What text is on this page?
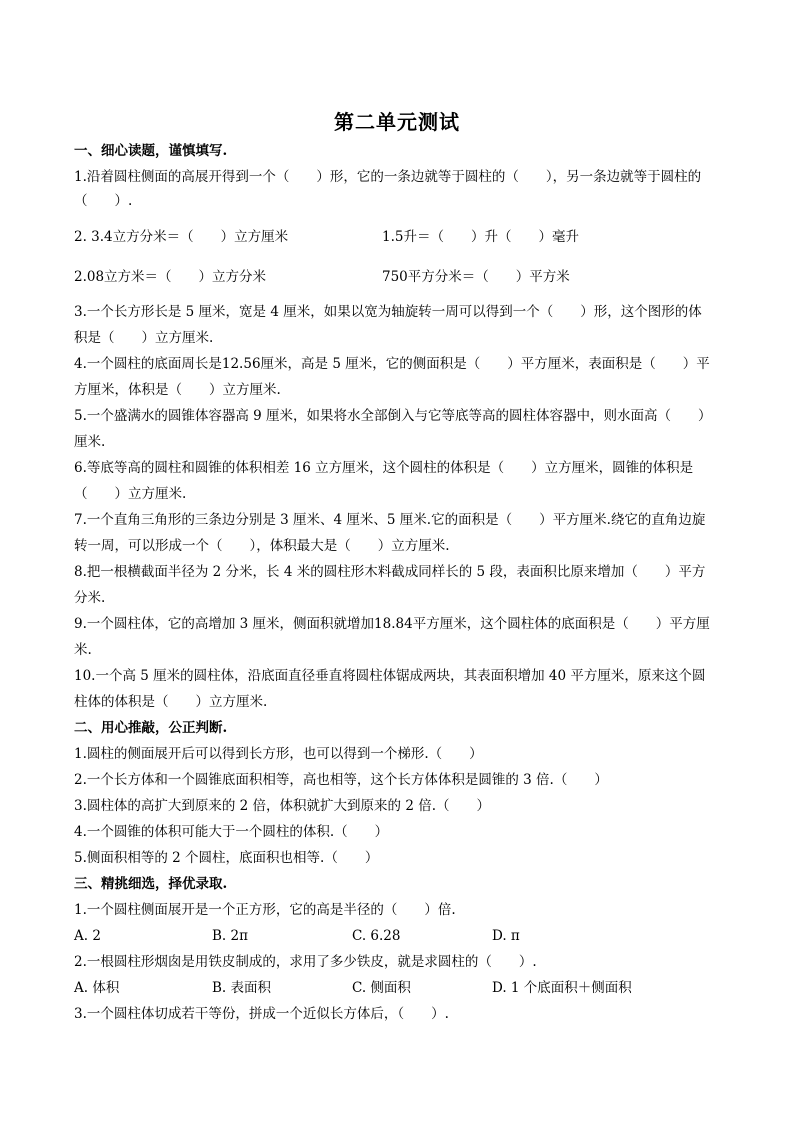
第二单元测试
一、细心读题，谨慎填写.
1.沿着圆柱侧面的高展开得到一个（　　）形，它的一条边就等于圆柱的（　　），另一条边就等于圆柱的
（　　）.
2. 3.4立方分米＝（　　）立方厘米	1.5升＝（　　）升（　　）毫升
2.08立方米＝（　　）立方分米	750平方分米＝（　　）平方米
3.一个长方形长是 5 厘米，宽是 4 厘米，如果以宽为轴旋转一周可以得到一个（　　）形，这个图形的体
积是（　　）立方厘米.
4.一个圆柱的底面周长是12.56厘米，高是 5 厘米，它的侧面积是（　　）平方厘米，表面积是（　　）平
方厘米，体积是（　　）立方厘米.
5.一个盛满水的圆锥体容器高 9 厘米，如果将水全部倒入与它等底等高的圆柱体容器中，则水面高（　　）
厘米.
6.等底等高的圆柱和圆锥的体积相差 16 立方厘米，这个圆柱的体积是（　　）立方厘米，圆锥的体积是
（　　）立方厘米.
7.一个直角三角形的三条边分别是 3 厘米、4 厘米、5 厘米.它的面积是（　　）平方厘米.绕它的直角边旋
转一周，可以形成一个（　　），体积最大是（　　）立方厘米.
8.把一根横截面半径为 2 分米，长 4 米的圆柱形木料截成同样长的 5 段，表面积比原来增加（　　）平方
分米.
9.一个圆柱体，它的高增加 3 厘米，侧面积就增加18.84平方厘米，这个圆柱体的底面积是（　　）平方厘
米.
10.一个高 5 厘米的圆柱体，沿底面直径垂直将圆柱体锯成两块，其表面积增加 40 平方厘米，原来这个圆
柱体的体积是（　　）立方厘米.
二、用心推敲，公正判断.
1.圆柱的侧面展开后可以得到长方形，也可以得到一个梯形.（　　）
2.一个长方体和一个圆锥底面积相等，高也相等，这个长方体体积是圆锥的 3 倍.（　　）
3.圆柱体的高扩大到原来的 2 倍，体积就扩大到原来的 2 倍.（　　）
4.一个圆锥的体积可能大于一个圆柱的体积.（　　）
5.侧面积相等的 2 个圆柱，底面积也相等.（　　）
三、精挑细选，择优录取.
1.一个圆柱侧面展开是一个正方形，它的高是半径的（　　）倍.
A. 2	B. 2π	C. 6.28	D. π
2.一根圆柱形烟囱是用铁皮制成的，求用了多少铁皮，就是求圆柱的（　　）.
A. 体积	B. 表面积	C. 侧面积	D. 1 个底面积＋侧面积
3.一个圆柱体切成若干等份，拼成一个近似长方体后，（　　）.
